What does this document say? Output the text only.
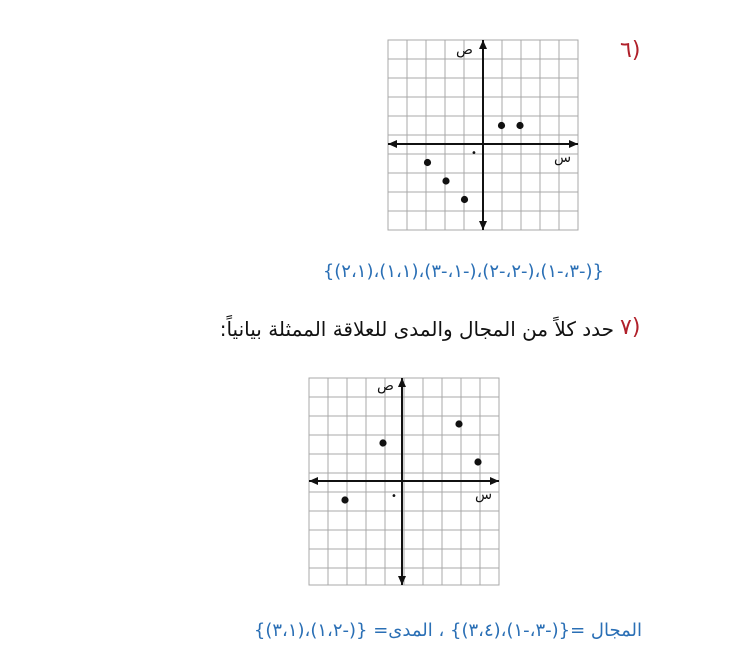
٦)
ص
س
•
{(-٣،-١)،(-٢،-٢)،(-١،-٣)،(١،١)،(٢،١)}
٧)
حدد كلاً من المجال والمدى للعلاقة الممثلة بيانياً:
ص
س
•
المجال ={(-٣،-١)،(٣،٤)} ، المدى= {(-١،٢)،(٣،١)}
